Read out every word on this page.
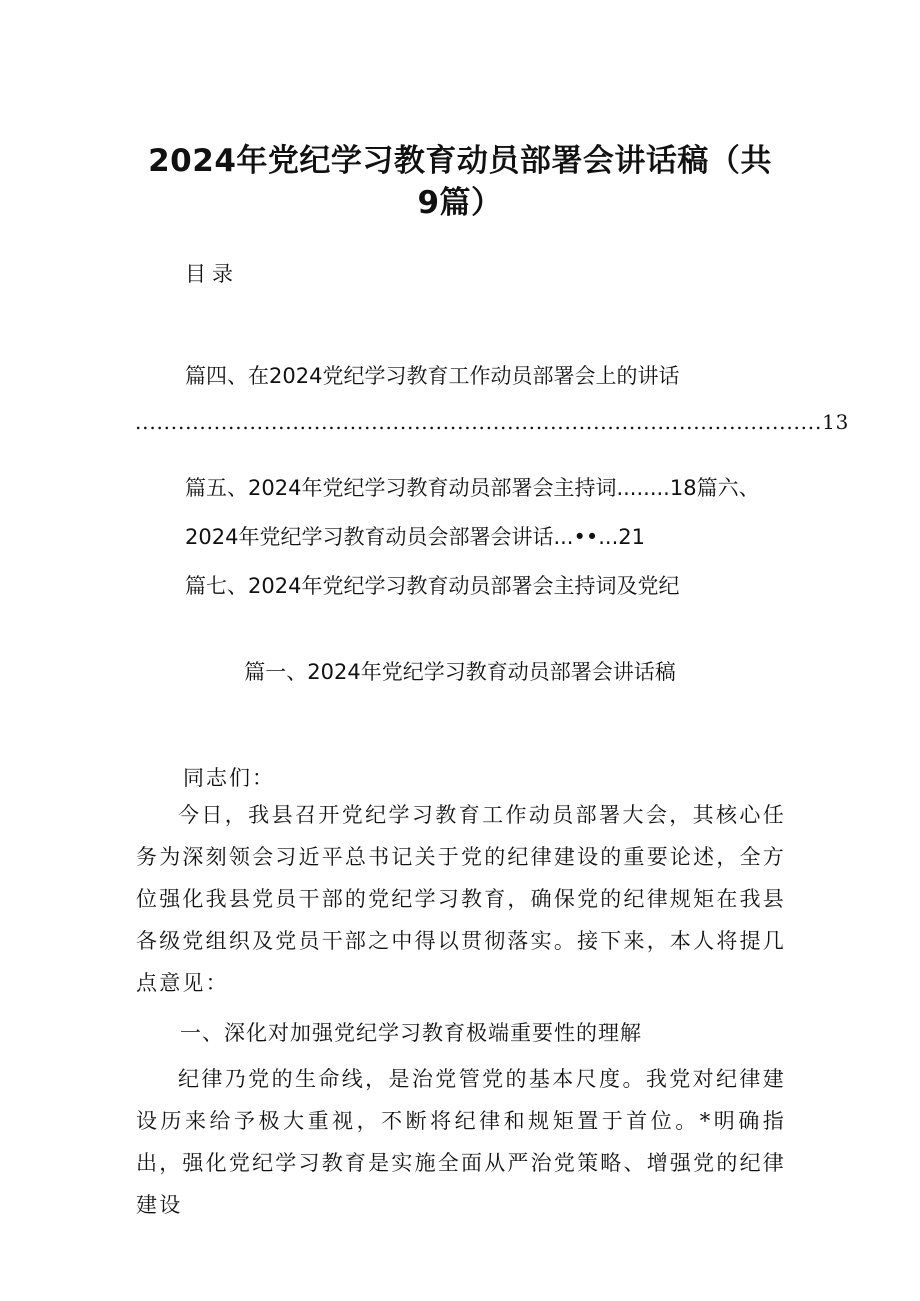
2024年党纪学习教育动员部署会讲话稿（共
9篇）
目录
篇四、在2024党纪学习教育工作动员部署会上的讲话
................................................................................................13
篇五、2024年党纪学习教育动员部署会主持词........18篇六、
2024年党纪学习教育动员会部署会讲话...••...21
篇七、2024年党纪学习教育动员部署会主持词及党纪
篇一、2024年党纪学习教育动员部署会讲话稿
同志们：
今日，我县召开党纪学习教育工作动员部署大会，其核心任务为深刻领会习近平总书记关于党的纪律建设的重要论述，全方位强化我县党员干部的党纪学习教育，确保党的纪律规矩在我县各级党组织及党员干部之中得以贯彻落实。接下来，本人将提几点意见：
一、深化对加强党纪学习教育极端重要性的理解
纪律乃党的生命线，是治党管党的基本尺度。我党对纪律建设历来给予极大重视，不断将纪律和规矩置于首位。*明确指出，强化党纪学习教育是实施全面从严治党策略、增强党的纪律建设
